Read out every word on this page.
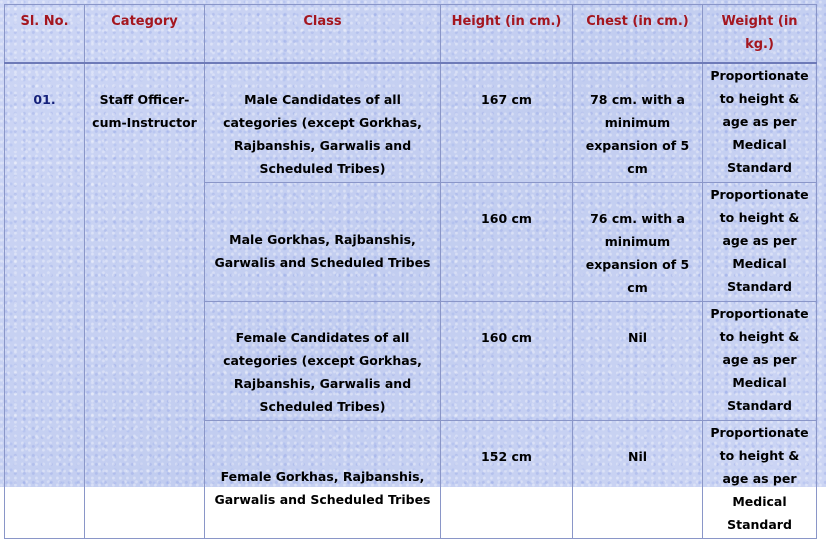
Sl. No.	Category	Class	Height (in cm.)	Chest (in cm.)	Weight (in kg.)
01.	Staff Officer-cum-Instructor	Male Candidates of all categories (except Gorkhas, Rajbanshis, Garwalis and Scheduled Tribes)	167 cm	78 cm. with a minimum expansion of 5 cm	Proportionate to height & age as per Medical Standard
		Male Gorkhas, Rajbanshis, Garwalis and Scheduled Tribes	160 cm	76 cm. with a minimum expansion of 5 cm	Proportionate to height & age as per Medical Standard
		Female Candidates of all categories (except Gorkhas, Rajbanshis, Garwalis and Scheduled Tribes)	160 cm	Nil	Proportionate to height & age as per Medical Standard
		Female Gorkhas, Rajbanshis, Garwalis and Scheduled Tribes	152 cm	Nil	Proportionate to height & age as per Medical Standard
